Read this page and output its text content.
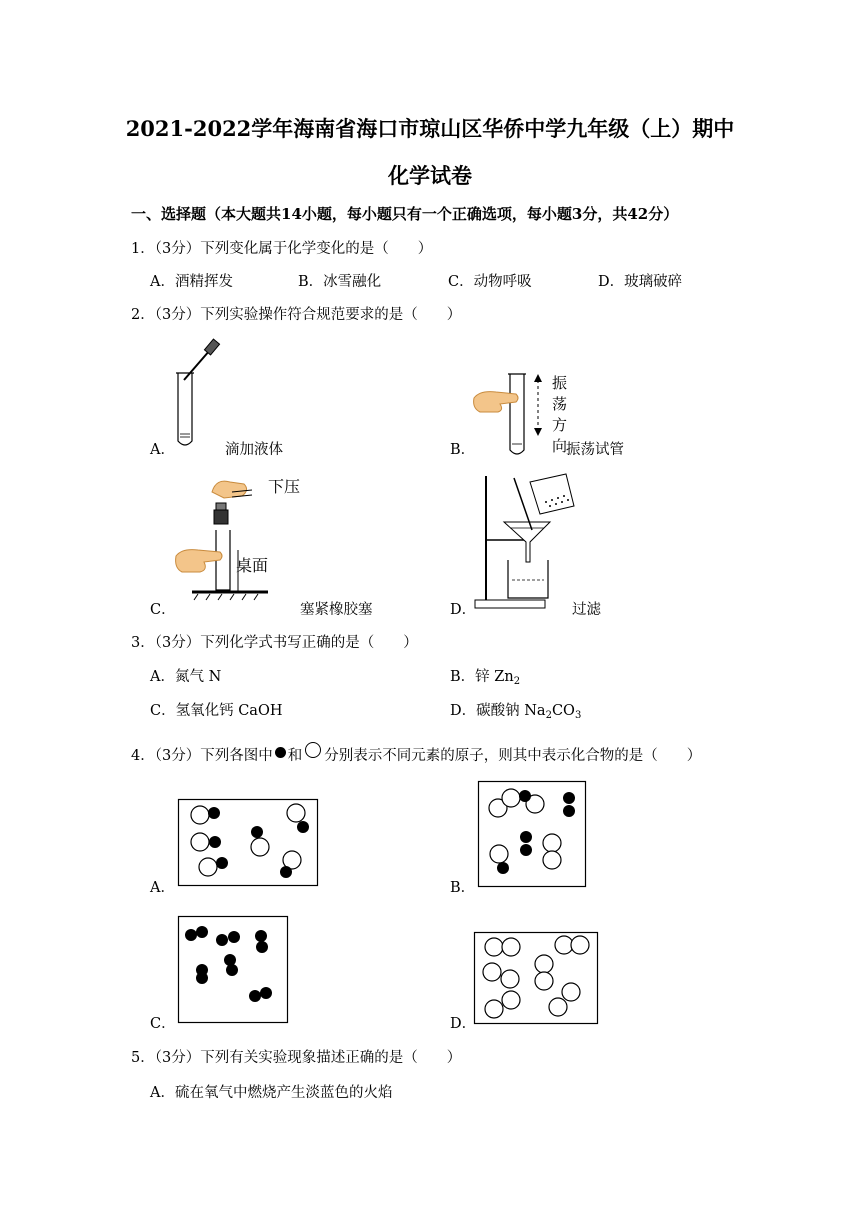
2021-2022学年海南省海口市琼山区华侨中学九年级（上）期中
化学试卷
一、选择题（本大题共14小题，每小题只有一个正确选项，每小题3分，共42分）
1．（3分）下列变化属于化学变化的是（　　）
A．酒精挥发	B．冰雪融化	C．动物呼吸	D．玻璃破碎
2．（3分）下列实验操作符合规范要求的是（　　）
A．	滴加液体
振
荡
方
向
B．	振荡试管
下压
桌面
C．	塞紧橡胶塞	D．	过滤
3．（3分）下列化学式书写正确的是（　　）
A．氮气 N	B．锌 $Zn_2$
C．氢氧化钙 CaOH	D．碳酸钠 $Na_2CO_3$
4．（3分）下列各图中 和 分别表示不同元素的原子，则其中表示化合物的是（　　）
A．	B．
C．	D．
5．（3分）下列有关实验现象描述正确的是（　　）
A．硫在氧气中燃烧产生淡蓝色的火焰
